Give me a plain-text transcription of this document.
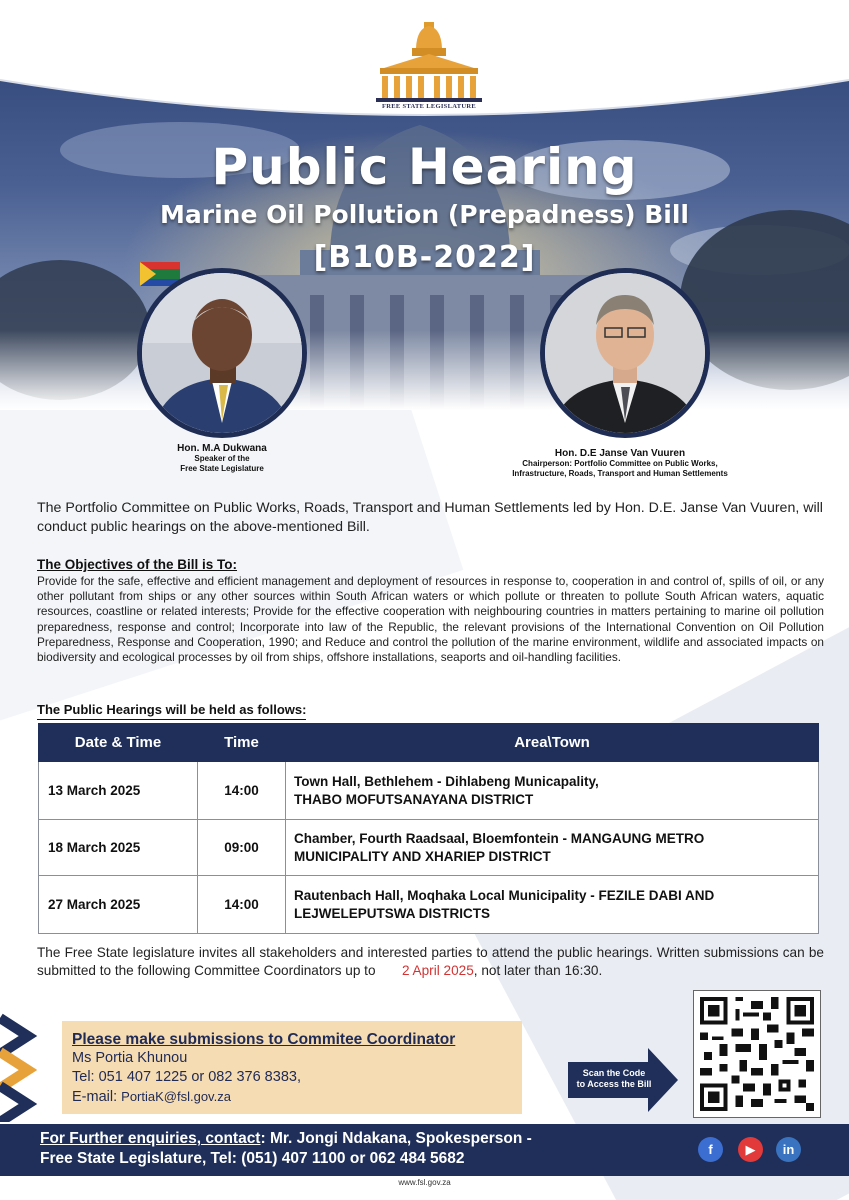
FREE STATE LEGISLATURE
Public Hearing
Marine Oil Pollution (Prepadness) Bill
[B10B-2022]
Hon. M.A Dukwana
Speaker of the
Free State Legislature
Hon. D.E Janse Van Vuuren
Chairperson: Portfolio Committee on Public Works,
Infrastructure, Roads, Transport and Human Settlements

The Portfolio Committee on Public Works, Roads, Transport and Human Settlements led by Hon. D.E. Janse Van Vuuren, will conduct public hearings on the above-mentioned Bill.

The Objectives of the Bill is To:

Provide for the safe, effective and efficient management and deployment of resources in response to, cooperation in and control of, spills of oil, or any other pollutant from ships or any other sources within South African waters or which pollute or threaten to pollute South African waters, aquatic resources, coastline or related interests; Provide for the effective cooperation with neighbouring countries in matters pertaining to marine oil pollution preparedness, response and control; Incorporate into law of the Republic, the relevant provisions of the International Convention on Oil Pollution Preparedness, Response and Cooperation, 1990; and Reduce and control the pollution of the marine environment, wildlife and associated impacts on biodiversity and ecological processes by oil from ships, offshore installations, seaports and oil-handling facilities.

The Public Hearings will be held as follows:
Date & Time	Time	Area\Town
13 March 2025	14:00	Town Hall, Bethlehem - Dihlabeng Municapality,
THABO MOFUTSANAYANA DISTRICT

18 March 2025	09:00	Chamber, Fourth Raadsaal, Bloemfontein - MANGAUNG METRO
MUNICIPALITY AND XHARIEP DISTRICT

27 March 2025	14:00	Rautenbach Hall, Moqhaka Local Municipality - FEZILE DABI AND
LEJWELEPUTSWA DISTRICTS

The Free State legislature invites all stakeholders and interested parties to attend the public hearings. Written submissions can be submitted to the following Committee Coordinators up to 2 April 2025, not later than 16:30.

Please make submissions to Commitee Coordinator
Ms Portia Khunou
Tel: 051 407 1225 or 082 376 8383,
E-mail: PortiaK@fsl.gov.za
Scan the Code
to Access the Bill
For Further enquiries, contact: Mr. Jongi Ndakana, Spokesperson -
Free State Legislature, Tel: (051) 407 1100 or 062 484 5682
f	▶	in
www.fsl.gov.za
